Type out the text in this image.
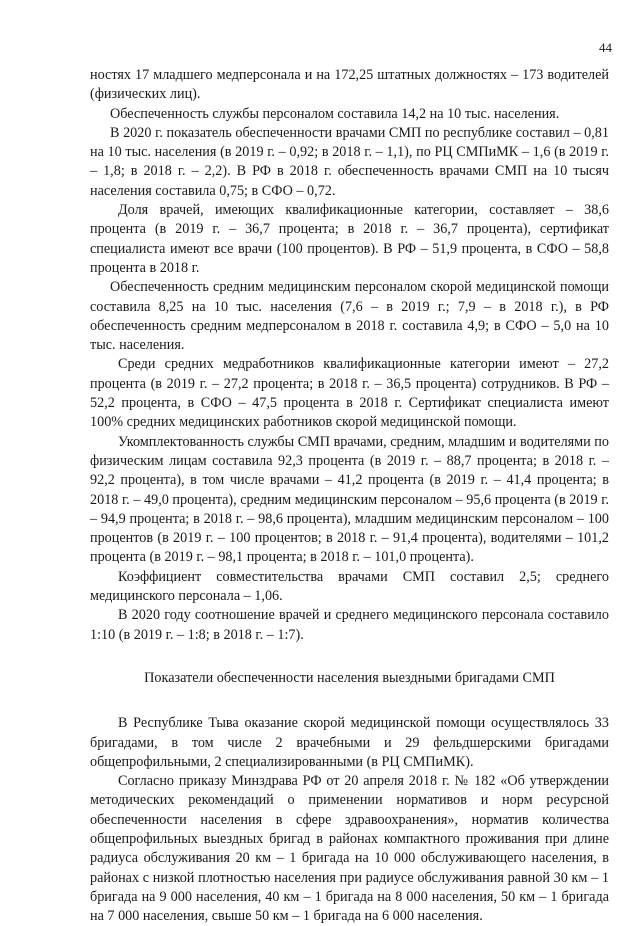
44

ностях 17 младшего медперсонала и на 172,25 штатных должностях – 173 водителей (физических лиц).

Обеспеченность службы персоналом составила 14,2 на 10 тыс. населения.

В 2020 г. показатель обеспеченности врачами СМП по республике составил – 0,81 на 10 тыс. населения (в 2019 г. – 0,92; в 2018 г. – 1,1), по РЦ СМПиМК – 1,6 (в 2019 г. – 1,8; в 2018 г. – 2,2). В РФ в 2018 г. обеспеченность врачами СМП на 10 тысяч населения составила 0,75; в СФО – 0,72.

Доля врачей, имеющих квалификационные категории, составляет – 38,6 процента (в 2019 г. – 36,7 процента; в 2018 г. – 36,7 процента), сертификат специалиста имеют все врачи (100 процентов). В РФ – 51,9 процента, в СФО – 58,8 процента в 2018 г.

Обеспеченность средним медицинским персоналом скорой медицинской помощи составила 8,25 на 10 тыс. населения (7,6 – в 2019 г.; 7,9 – в 2018 г.), в РФ обеспеченность средним медперсоналом в 2018 г. составила 4,9; в СФО – 5,0 на 10 тыс. населения.

Среди средних медработников квалификационные категории имеют – 27,2 процента (в 2019 г. – 27,2 процента; в 2018 г. – 36,5 процента) сотрудников. В РФ – 52,2 процента, в СФО – 47,5 процента в 2018 г. Сертификат специалиста имеют 100% средних медицинских работников скорой медицинской помощи.

Укомплектованность службы СМП врачами, средним, младшим и водителями по физическим лицам составила 92,3 процента (в 2019 г. – 88,7 процента; в 2018 г. – 92,2 процента), в том числе врачами – 41,2 процента (в 2019 г. – 41,4 процента; в 2018 г. – 49,0 процента), средним медицинским персоналом – 95,6 процента (в 2019 г. – 94,9 процента; в 2018 г. – 98,6 процента), младшим медицинским персоналом – 100 процентов (в 2019 г. – 100 процентов; в 2018 г. – 91,4 процента), водителями – 101,2 процента (в 2019 г. – 98,1 процента; в 2018 г. – 101,0 процента).

Коэффициент совместительства врачами СМП составил 2,5; среднего медицинского персонала – 1,06.

В 2020 году соотношение врачей и среднего медицинского персонала составило 1:10 (в 2019 г. – 1:8; в 2018 г. – 1:7).

Показатели обеспеченности населения выездными бригадами СМП

В Республике Тыва оказание скорой медицинской помощи осуществлялось 33 бригадами, в том числе 2 врачебными и 29 фельдшерскими бригадами общепрофильными, 2 специализированными (в РЦ СМПиМК).

Согласно приказу Минздрава РФ от 20 апреля 2018 г. № 182 «Об утверждении методических рекомендаций о применении нормативов и норм ресурсной обеспеченности населения в сфере здравоохранения», норматив количества общепрофильных выездных бригад в районах компактного проживания при длине радиуса обслуживания 20 км – 1 бригада на 10 000 обслуживающего населения, в районах с низкой плотностью населения при радиусе обслуживания равной 30 км – 1 бригада на 9 000 населения, 40 км – 1 бригада на 8 000 населения, 50 км – 1 бригада на 7 000 населения, свыше 50 км – 1 бригада на 6 000 населения.
